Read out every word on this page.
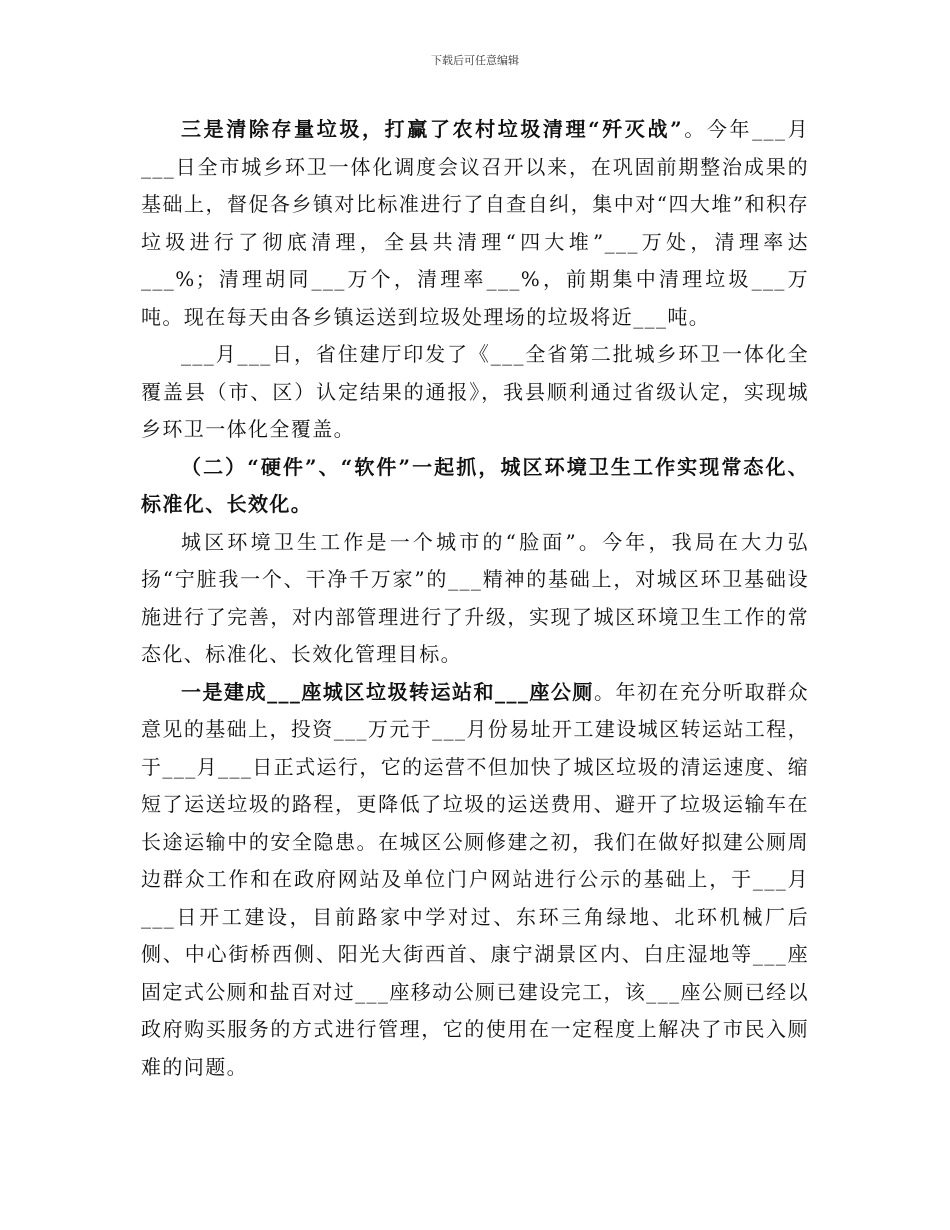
下载后可任意编辑

三是清除存量垃圾，打赢了农村垃圾清理“歼灭战”。今年___月___日全市城乡环卫一体化调度会议召开以来，在巩固前期整治成果的基础上，督促各乡镇对比标准进行了自查自纠，集中对“四大堆”和积存垃圾进行了彻底清理，全县共清理“四大堆”___万处，清理率达___%；清理胡同___万个，清理率___%，前期集中清理垃圾___万吨。现在每天由各乡镇运送到垃圾处理场的垃圾将近___吨。

___月___日，省住建厅印发了《___全省第二批城乡环卫一体化全覆盖县（市、区）认定结果的通报》，我县顺利通过省级认定，实现城乡环卫一体化全覆盖。

（二）“硬件”、“软件”一起抓，城区环境卫生工作实现常态化、标准化、长效化。

城区环境卫生工作是一个城市的“脸面”。今年，我局在大力弘扬“宁脏我一个、干净千万家”的___精神的基础上，对城区环卫基础设施进行了完善，对内部管理进行了升级，实现了城区环境卫生工作的常态化、标准化、长效化管理目标。

一是建成___座城区垃圾转运站和___座公厕。年初在充分听取群众意见的基础上，投资___万元于___月份易址开工建设城区转运站工程，于___月___日正式运行，它的运营不但加快了城区垃圾的清运速度、缩短了运送垃圾的路程，更降低了垃圾的运送费用、避开了垃圾运输车在长途运输中的安全隐患。在城区公厕修建之初，我们在做好拟建公厕周边群众工作和在政府网站及单位门户网站进行公示的基础上，于___月___日开工建设，目前路家中学对过、东环三角绿地、北环机械厂后侧、中心街桥西侧、阳光大街西首、康宁湖景区内、白庄湿地等___座固定式公厕和盐百对过___座移动公厕已建设完工，该___座公厕已经以政府购买服务的方式进行管理，它的使用在一定程度上解决了市民入厕难的问题。
